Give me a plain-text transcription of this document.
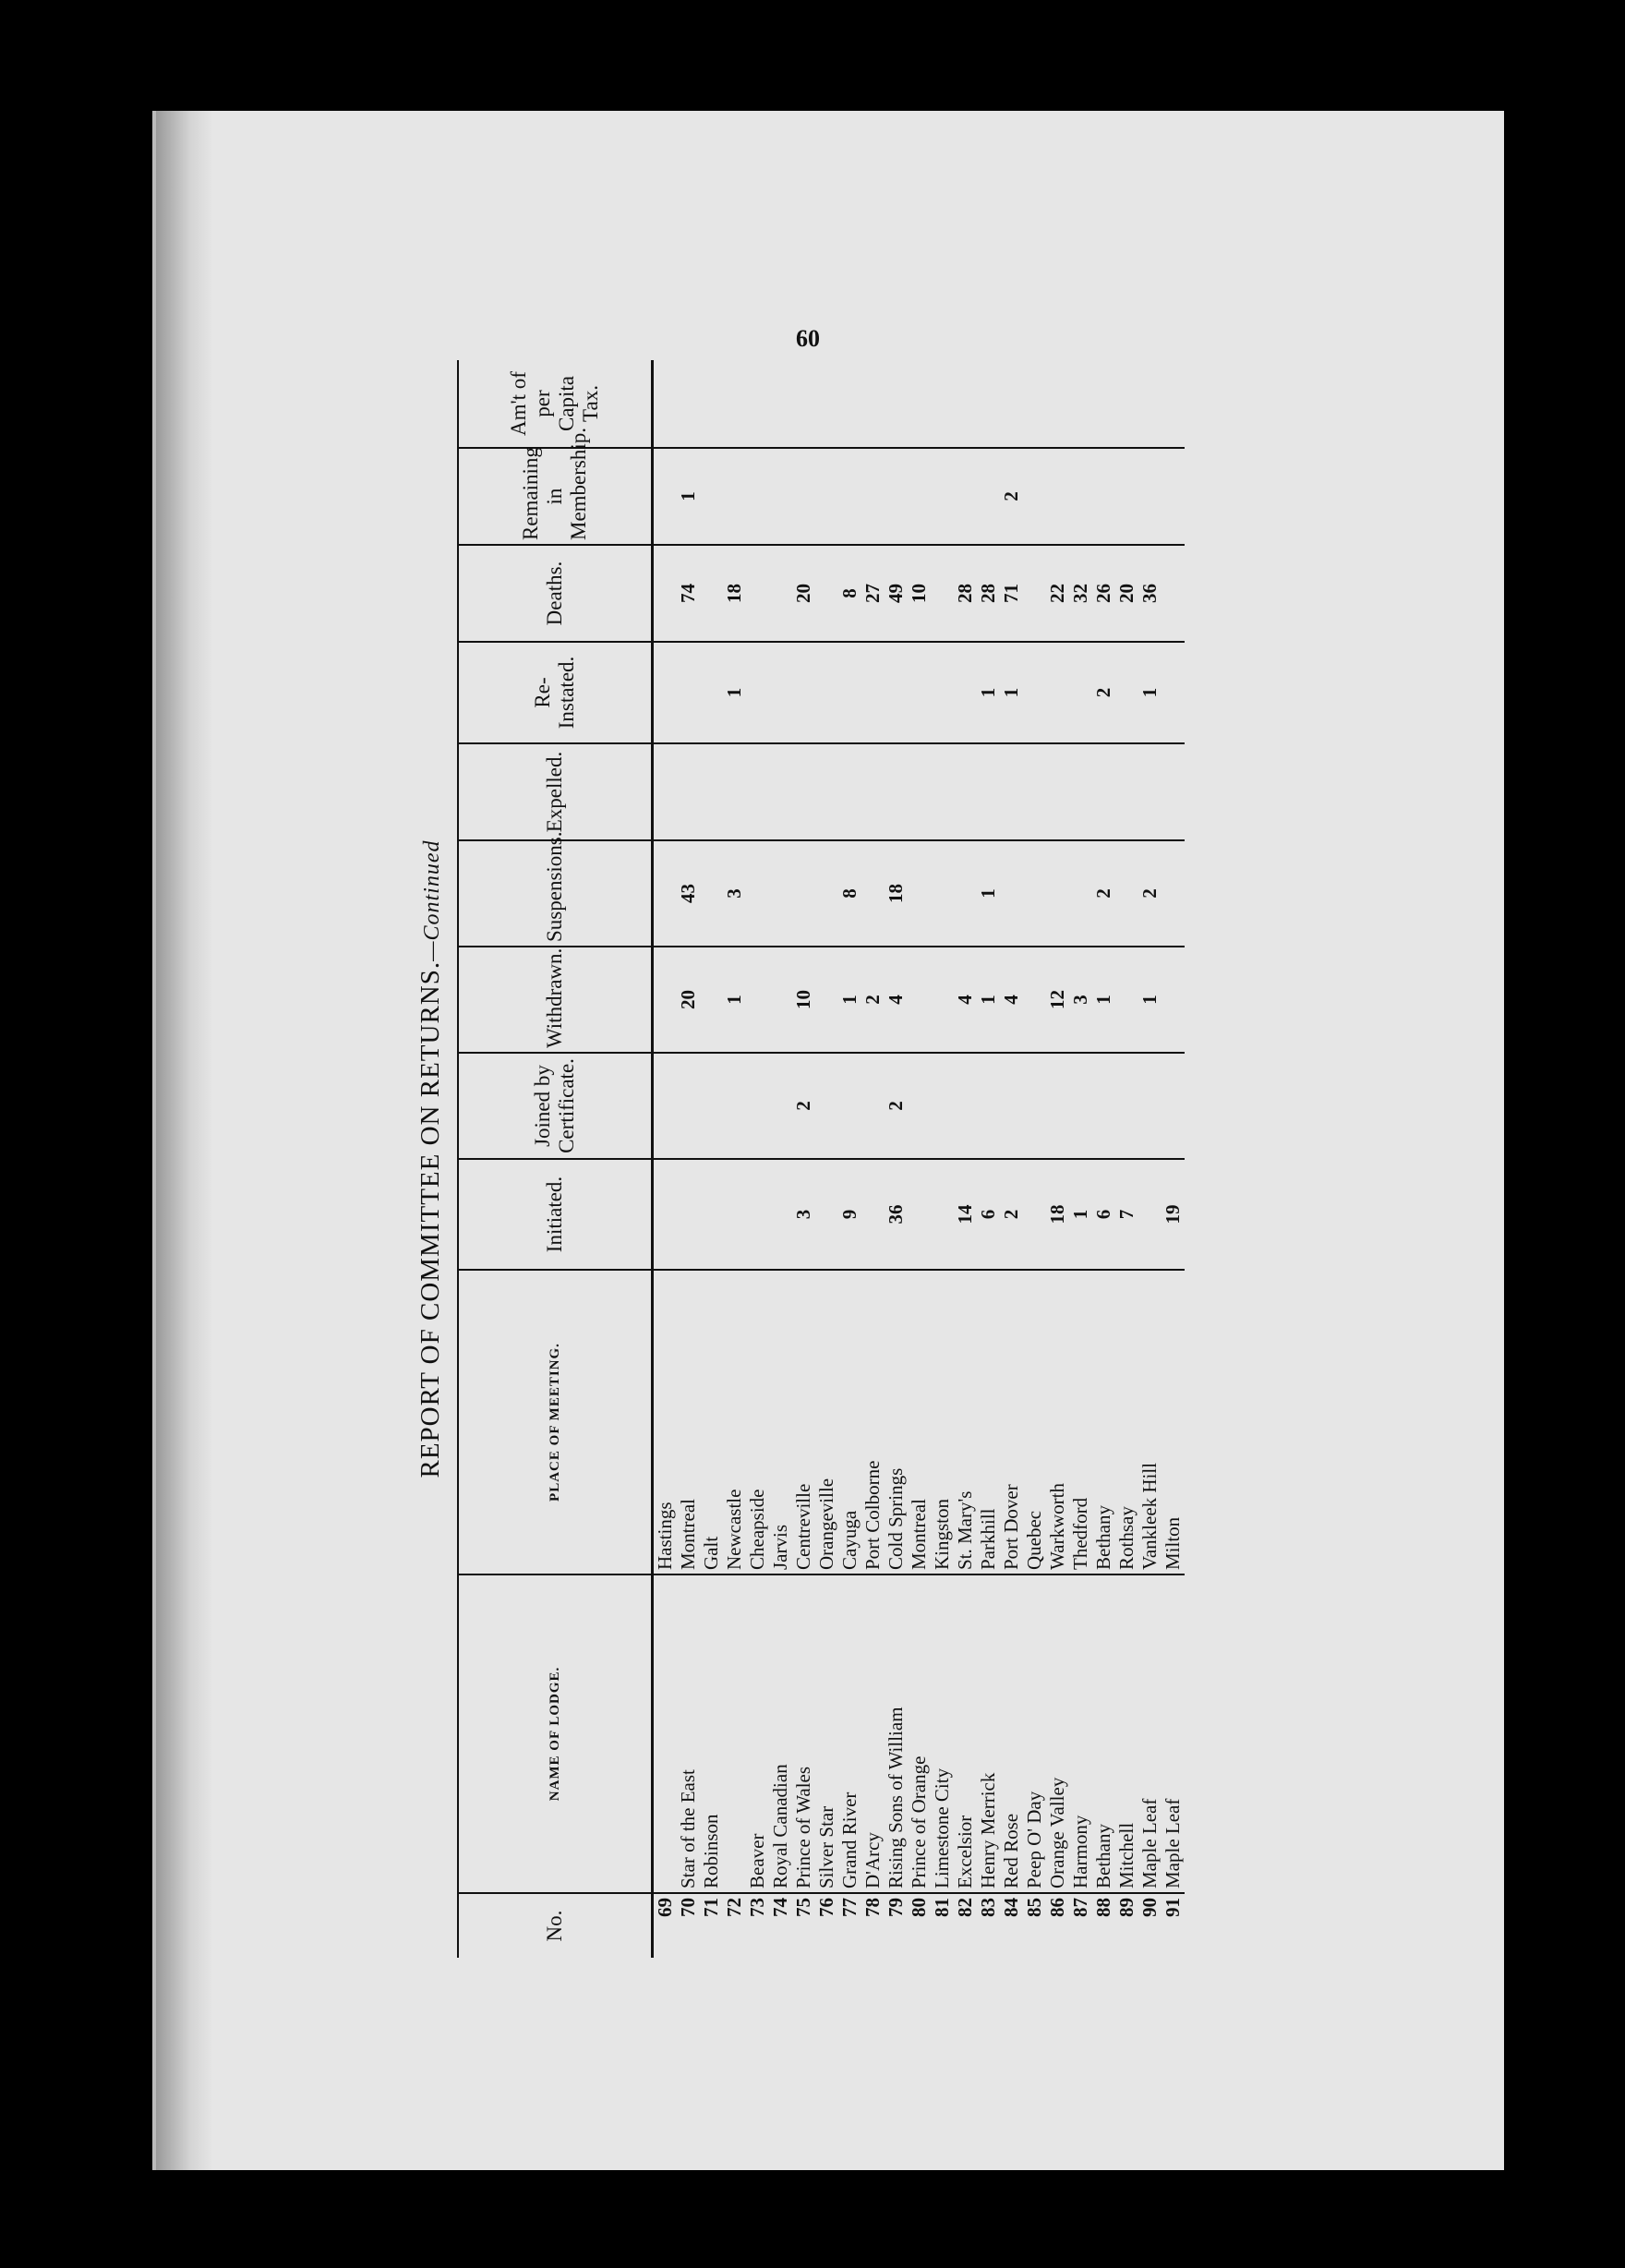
60
REPORT OF COMMITTEE ON RETURNS.—Continued
No.	NAME OF LODGE.	PLACE OF MEETING.	Initiated.	Joined by Certificate.	Withdrawn.	Suspensions.	Expelled.	Re-Instated.	Deaths.	Remaining in Membership.	Am't of per Capita Tax.
69		Hastings									
70	Star of the East	Montreal			20	43			74	1	
71	Robinson	Galt									
72		Newcastle			1	3		1	18		
73	Beaver	Cheapside									
74	Royal Canadian	Jarvis									
75	Prince of Wales	Centreville	3	2	10				20		
76	Silver Star	Orangeville									
77	Grand River	Cayuga	9		1	8			8		
78	D'Arcy	Port Colborne			2				27		
79	Rising Sons of William	Cold Springs	36	2	4	18			49		
80	Prince of Orange	Montreal							10		
81	Limestone City	Kingston									
82	Excelsior	St. Mary's	14		4				28		
83	Henry Merrick	Parkhill	6		1	1		1	28		
84	Red Rose	Port Dover	2		4			1	71	2	
85	Peep O' Day	Quebec									
86	Orange Valley	Warkworth	18		12				22		
87	Harmony	Thedford	1		3				32		
88	Bethany	Bethany	6		1	2		2	26		
89	Mitchell	Rothsay	7						20		
90	Maple Leaf	Vankleek Hill			1	2		1	36		
91	Maple Leaf	Milton	19								
